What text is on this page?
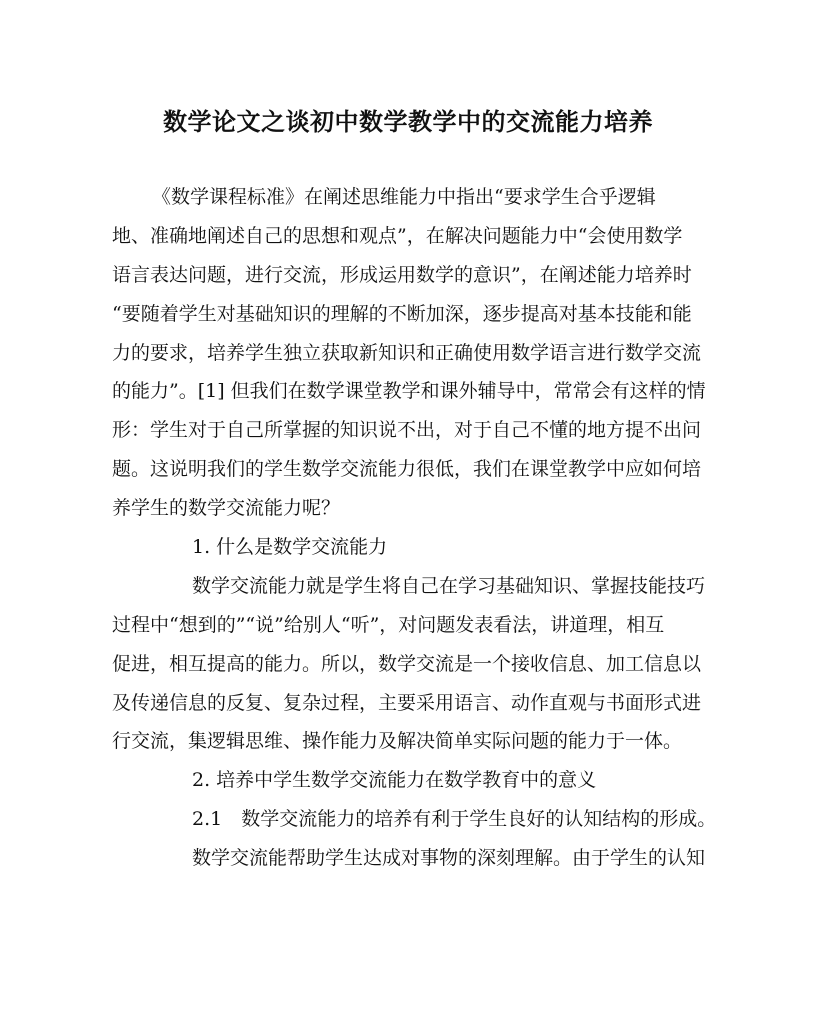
数学论文之谈初中数学教学中的交流能力培养
《数学课程标准》在阐述思维能力中指出“要求学生合乎逻辑
地、准确地阐述自己的思想和观点”，在解决问题能力中“会使用数学
语言表达问题，进行交流，形成运用数学的意识”，在阐述能力培养时
“要随着学生对基础知识的理解的不断加深，逐步提高对基本技能和能
力的要求，培养学生独立获取新知识和正确使用数学语言进行数学交流
的能力”。[1] 但我们在数学课堂教学和课外辅导中，常常会有这样的情
形：学生对于自己所掌握的知识说不出，对于自己不懂的地方提不出问
题。这说明我们的学生数学交流能力很低，我们在课堂教学中应如何培
养学生的数学交流能力呢？
1. 什么是数学交流能力
数学交流能力就是学生将自己在学习基础知识、掌握技能技巧
过程中“想到的”“说”给别人“听”，对问题发表看法，讲道理，相互
促进，相互提高的能力。所以，数学交流是一个接收信息、加工信息以
及传递信息的反复、复杂过程，主要采用语言、动作直观与书面形式进
行交流，集逻辑思维、操作能力及解决简单实际问题的能力于一体。
2. 培养中学生数学交流能力在数学教育中的意义
2.1　数学交流能力的培养有利于学生良好的认知结构的形成。
数学交流能帮助学生达成对事物的深刻理解。由于学生的认知
